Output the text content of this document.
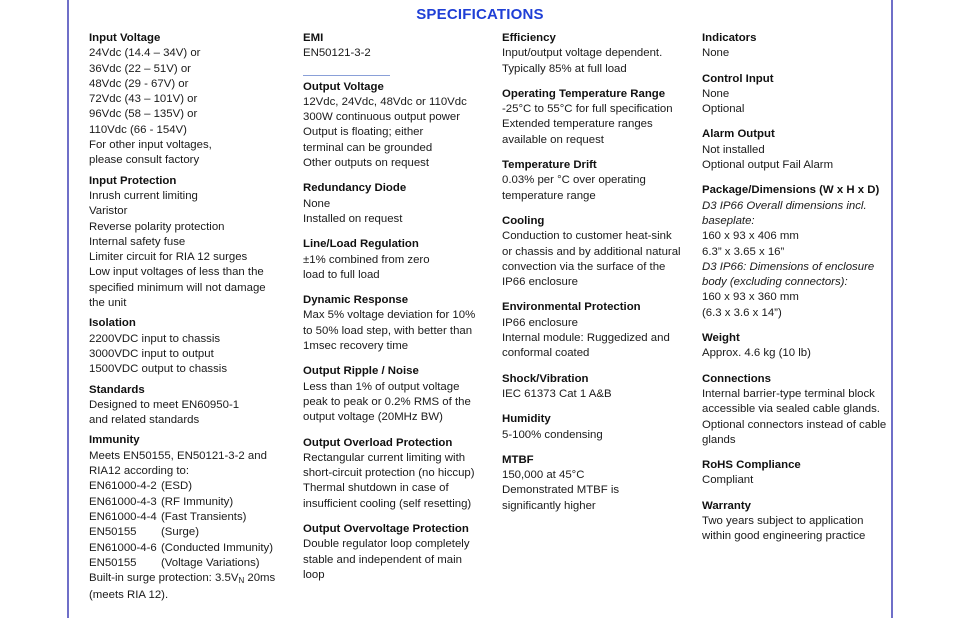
SPECIFICATIONS
Input Voltage
24Vdc (14.4 – 34V) or
36Vdc (22 – 51V) or
48Vdc (29 - 67V) or
72Vdc (43 – 101V) or
96Vdc (58 – 135V) or
110Vdc (66 - 154V)
For other input voltages,
please consult factory
Input Protection
Inrush current limiting
Varistor
Reverse polarity protection
Internal safety fuse
Limiter circuit for RIA 12 surges
Low input voltages of less than the
specified minimum will not damage
the unit
Isolation
2200VDC input to chassis
3000VDC input to output
1500VDC output to chassis
Standards
Designed to meet EN60950-1
and related standards
Immunity
Meets EN50155, EN50121-3-2 and
RIA12 according to:
EN61000-4-2 (ESD)
EN61000-4-3 (RF Immunity)
EN61000-4-4 (Fast Transients)
EN50155 (Surge)
EN61000-4-6 (Conducted Immunity)
EN50155 (Voltage Variations)
Built-in surge protection: $3.5V_N$ 20ms
(meets RIA 12).
EMI
EN50121-3-2
Output Voltage
12Vdc, 24Vdc, 48Vdc or 110Vdc
300W continuous output power
Output is floating; either
terminal can be grounded
Other outputs on request
Redundancy Diode
None
Installed on request
Line/Load Regulation
±1% combined from zero
load to full load
Dynamic Response
Max 5% voltage deviation for 10%
to 50% load step, with better than
1msec recovery time
Output Ripple / Noise
Less than 1% of output voltage
peak to peak or 0.2% RMS of the
output voltage (20MHz BW)
Output Overload Protection
Rectangular current limiting with
short-circuit protection (no hiccup)
Thermal shutdown in case of
insufficient cooling (self resetting)
Output Overvoltage Protection
Double regulator loop completely
stable and independent of main
loop
Efficiency
Input/output voltage dependent.
Typically 85% at full load
Operating Temperature Range
-25°C to 55°C for full specification
Extended temperature ranges
available on request
Temperature Drift
0.03% per °C over operating
temperature range
Cooling
Conduction to customer heat-sink
or chassis and by additional natural
convection via the surface of the
IP66 enclosure
Environmental Protection
IP66 enclosure
Internal module: Ruggedized and
conformal coated
Shock/Vibration
IEC 61373 Cat 1 A&B
Humidity
5-100% condensing
MTBF
150,000 at 45°C
Demonstrated MTBF is
significantly higher
Indicators
None
Control Input
None
Optional
Alarm Output
Not installed
Optional output Fail Alarm
Package/Dimensions (W x H x D)
D3 IP66 Overall dimensions incl.
baseplate:
160 x 93 x 406 mm
6.3” x 3.65 x 16”
D3 IP66: Dimensions of enclosure
body (excluding connectors):
160 x 93 x 360 mm
(6.3 x 3.6 x 14”)
Weight
Approx. 4.6 kg (10 lb)
Connections
Internal barrier-type terminal block
accessible via sealed cable glands.
Optional connectors instead of cable
glands
RoHS Compliance
Compliant
Warranty
Two years subject to application
within good engineering practice
